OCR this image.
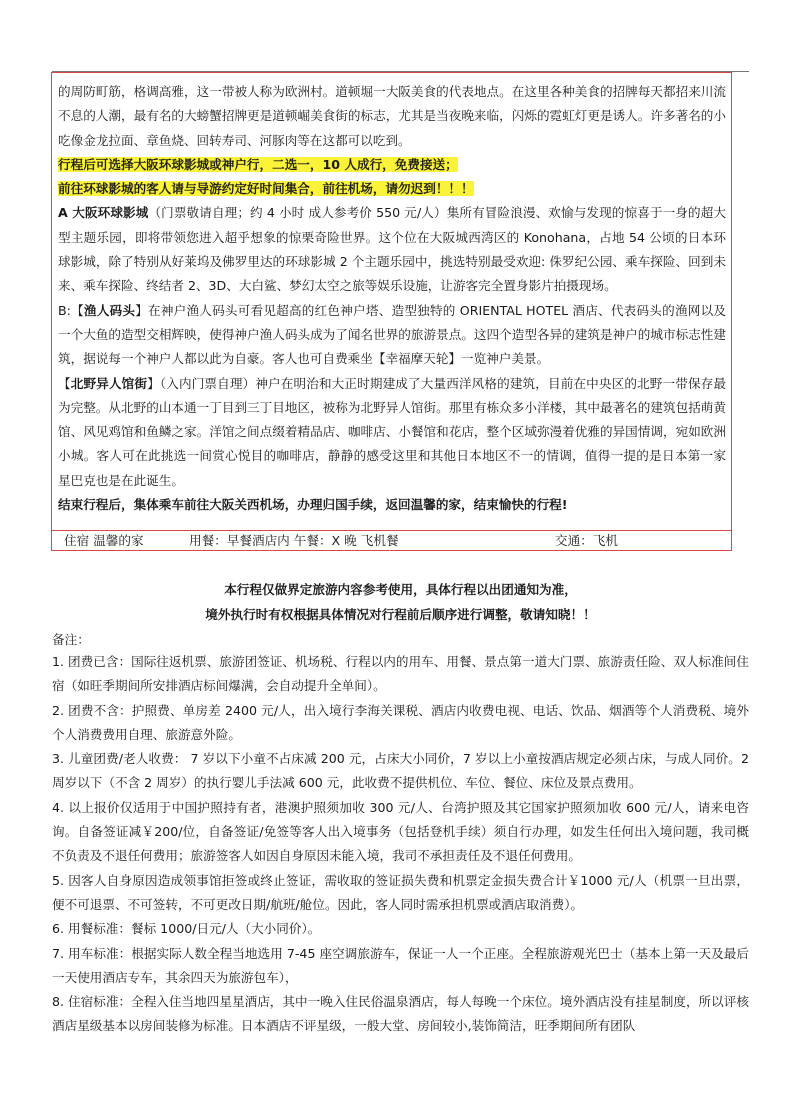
的周防町筋，格调高雅，这一带被人称为欧洲村。道顿堀一大阪美食的代表地点。在这里各种美食的招牌每天都招来川流不息的人潮，最有名的大螃蟹招牌更是道顿崛美食街的标志，尤其是当夜晚来临，闪烁的霓虹灯更是诱人。许多著名的小吃像金龙拉面、章鱼烧、回转寿司、河豚肉等在这都可以吃到。

行程后可选择大阪环球影城或神户行，二选一，10 人成行，免费接送；

前往环球影城的客人请与导游约定好时间集合，前往机场，请勿迟到！！！

A 大阪环球影城（门票敬请自理；约 4 小时 成人参考价 550 元/人）集所有冒险浪漫、欢愉与发现的惊喜于一身的超大型主题乐园，即将带领您进入超乎想象的惊栗奇险世界。这个位在大阪城西湾区的 Konohana，占地 54 公顷的日本环球影城，除了特别从好莱坞及佛罗里达的环球影城 2 个主题乐园中，挑选特别最受欢迎: 侏罗纪公园、乘车探险、回到未来、乘车探险、终结者 2、3D、大白鲨、梦幻太空之旅等娱乐设施，让游客完全置身影片拍摄现场。

B:【渔人码头】在神户渔人码头可看见超高的红色神户塔、造型独特的 ORIENTAL HOTEL 酒店、代表码头的渔网以及一个大鱼的造型交相辉映，使得神户渔人码头成为了闻名世界的旅游景点。这四个造型各异的建筑是神户的城市标志性建筑，据说每一个神户人都以此为自豪。客人也可自费乘坐【幸福摩天轮】一览神户美景。

【北野异人馆街】（入内门票自理）神户在明治和大正时期建成了大量西洋风格的建筑，目前在中央区的北野一带保存最为完整。从北野的山本通一丁目到三丁目地区，被称为北野异人馆街。那里有栋众多小洋楼，其中最著名的建筑包括萌黄馆、风见鸡馆和鱼鳞之家。洋馆之间点缀着精品店、咖啡店、小餐馆和花店，整个区域弥漫着优雅的异国情调，宛如欧洲小城。客人可在此挑选一间赏心悦目的咖啡店，静静的感受这里和其他日本地区不一的情调，值得一提的是日本第一家 星巴克也是在此诞生。

结束行程后，集体乘车前往大阪关西机场，办理归国手续，返回温馨的家，结束愉快的行程!

住宿 温馨的家	用餐：早餐酒店内 午餐：X 晚 飞机餐	交通：飞机
本行程仅做界定旅游内容参考使用，具体行程以出团通知为准，
境外执行时有权根据具体情况对行程前后顺序进行调整，敬请知晓！！
备注：

1. 团费已含：国际往返机票、旅游团签证、机场税、行程以内的用车、用餐、景点第一道大门票、旅游责任险、双人标准间住宿（如旺季期间所安排酒店标间爆满，会自动提升全单间）。

2. 团费不含：护照费、单房差 2400 元/人，出入境行李海关课税、酒店内收费电视、电话、饮品、烟酒等个人消费税、境外个人消费费用自理、旅游意外险。

3. 儿童团费/老人收费： 7 岁以下小童不占床减 200 元，占床大小同价，7 岁以上小童按酒店规定必须占床，与成人同价。2 周岁以下（不含 2 周岁）的执行婴儿手法减 600 元，此收费不提供机位、车位、餐位、床位及景点费用。

4. 以上报价仅适用于中国护照持有者，港澳护照须加收 300 元/人、台湾护照及其它国家护照须加收 600 元/人，请来电咨询。自备签证减￥200/位，自备签证/免签等客人出入境事务（包括登机手续）须自行办理，如发生任何出入境问题，我司概不负责及不退任何费用；旅游签客人如因自身原因未能入境，我司不承担责任及不退任何费用。

5. 因客人自身原因造成领事馆拒签或终止签证，需收取的签证损失费和机票定金损失费合计￥1000 元/人（机票一旦出票，便不可退票、不可签转，不可更改日期/航班/舱位。因此，客人同时需承担机票或酒店取消费）。

6. 用餐标准：餐标 1000/日元/人（大小同价）。

7. 用车标准：根据实际人数全程当地选用 7-45 座空调旅游车，保证一人一个正座。全程旅游观光巴士（基本上第一天及最后一天使用酒店专车，其余四天为旅游包车），

8. 住宿标准：全程入住当地四星星酒店，其中一晚入住民俗温泉酒店，每人每晚一个床位。境外酒店没有挂星制度，所以评核酒店星级基本以房间装修为标准。日本酒店不评星级，一般大堂、房间较小,装饰简洁，旺季期间所有团队
